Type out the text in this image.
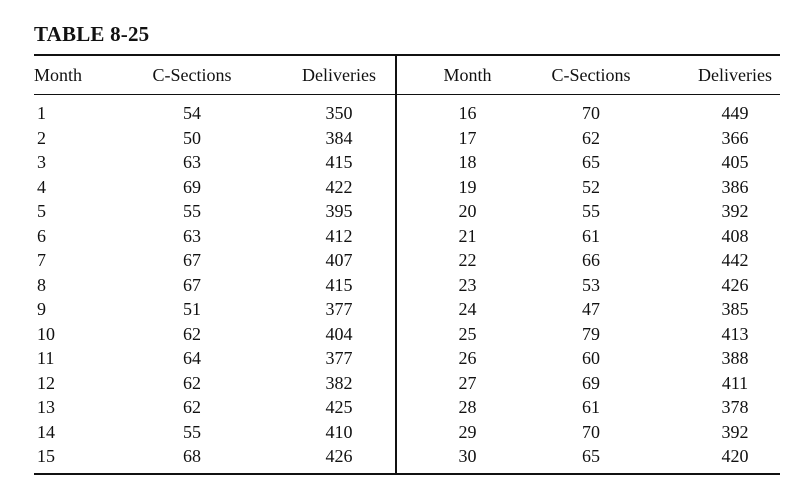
TABLE 8-25
Month	C-Sections	Deliveries	Month	C-Sections	Deliveries
1	54	350	16	70	449
2	50	384	17	62	366
3	63	415	18	65	405
4	69	422	19	52	386
5	55	395	20	55	392
6	63	412	21	61	408
7	67	407	22	66	442
8	67	415	23	53	426
9	51	377	24	47	385
10	62	404	25	79	413
11	64	377	26	60	388
12	62	382	27	69	411
13	62	425	28	61	378
14	55	410	29	70	392
15	68	426	30	65	420
